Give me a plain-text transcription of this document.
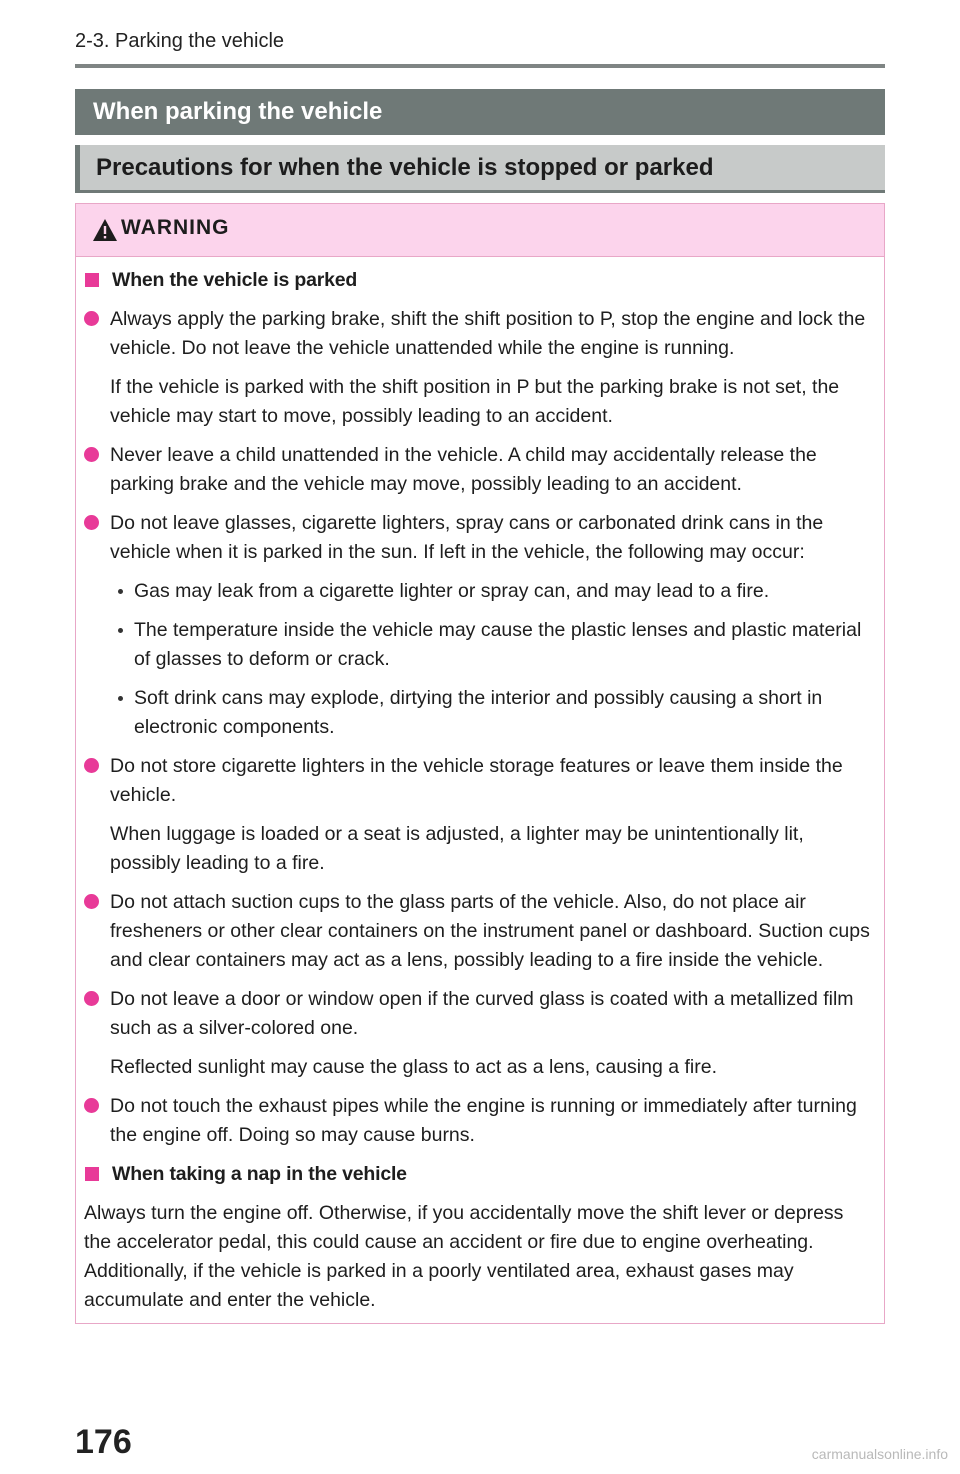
2-3. Parking the vehicle
When parking the vehicle
Precautions for when the vehicle is stopped or parked
WARNING
When the vehicle is parked
Always apply the parking brake, shift the shift position to P, stop the engine and lock the vehicle. Do not leave the vehicle unattended while the engine is running.
If the vehicle is parked with the shift position in P but the parking brake is not set, the vehicle may start to move, possibly leading to an accident.
Never leave a child unattended in the vehicle. A child may accidentally release the parking brake and the vehicle may move, possibly leading to an accident.
Do not leave glasses, cigarette lighters, spray cans or carbonated drink cans in the vehicle when it is parked in the sun. If left in the vehicle, the following may occur:
Gas may leak from a cigarette lighter or spray can, and may lead to a fire.
The temperature inside the vehicle may cause the plastic lenses and plastic material of glasses to deform or crack.
Soft drink cans may explode, dirtying the interior and possibly causing a short in electronic components.
Do not store cigarette lighters in the vehicle storage features or leave them inside the vehicle.
When luggage is loaded or a seat is adjusted, a lighter may be unintentionally lit, possibly leading to a fire.
Do not attach suction cups to the glass parts of the vehicle. Also, do not place air fresheners or other clear containers on the instrument panel or dashboard. Suction cups and clear containers may act as a lens, possibly leading to a fire inside the vehicle.
Do not leave a door or window open if the curved glass is coated with a metallized film such as a silver-colored one.
Reflected sunlight may cause the glass to act as a lens, causing a fire.
Do not touch the exhaust pipes while the engine is running or immediately after turning the engine off. Doing so may cause burns.
When taking a nap in the vehicle
Always turn the engine off. Otherwise, if you accidentally move the shift lever or depress the accelerator pedal, this could cause an accident or fire due to engine overheating. Additionally, if the vehicle is parked in a poorly ventilated area, exhaust gases may accumulate and enter the vehicle.
176	carmanualsonline.info
